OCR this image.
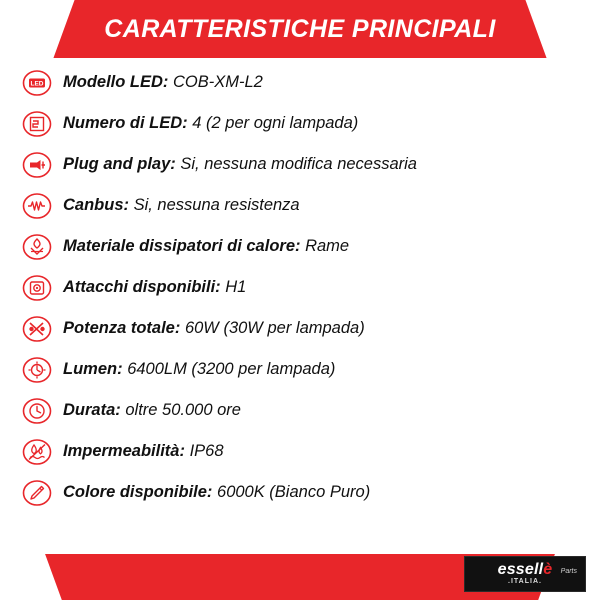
CARATTERISTICHE PRINCIPALI
LED Modello LED: COB-XM-L2
Numero di LED: 4 (2 per ogni lampada)
Plug and play: Si, nessuna modifica necessaria
Canbus: Si, nessuna resistenza
Materiale dissipatori di calore: Rame
Attacchi disponibili: H1
Potenza totale: 60W (30W per lampada)
Lumen: 6400LM (3200 per lampada)
Durata: oltre 50.000 ore
Impermeabilità: IP68
Colore disponibile: 6000K (Bianco Puro)
essellè
.ITALIA.
Parts
